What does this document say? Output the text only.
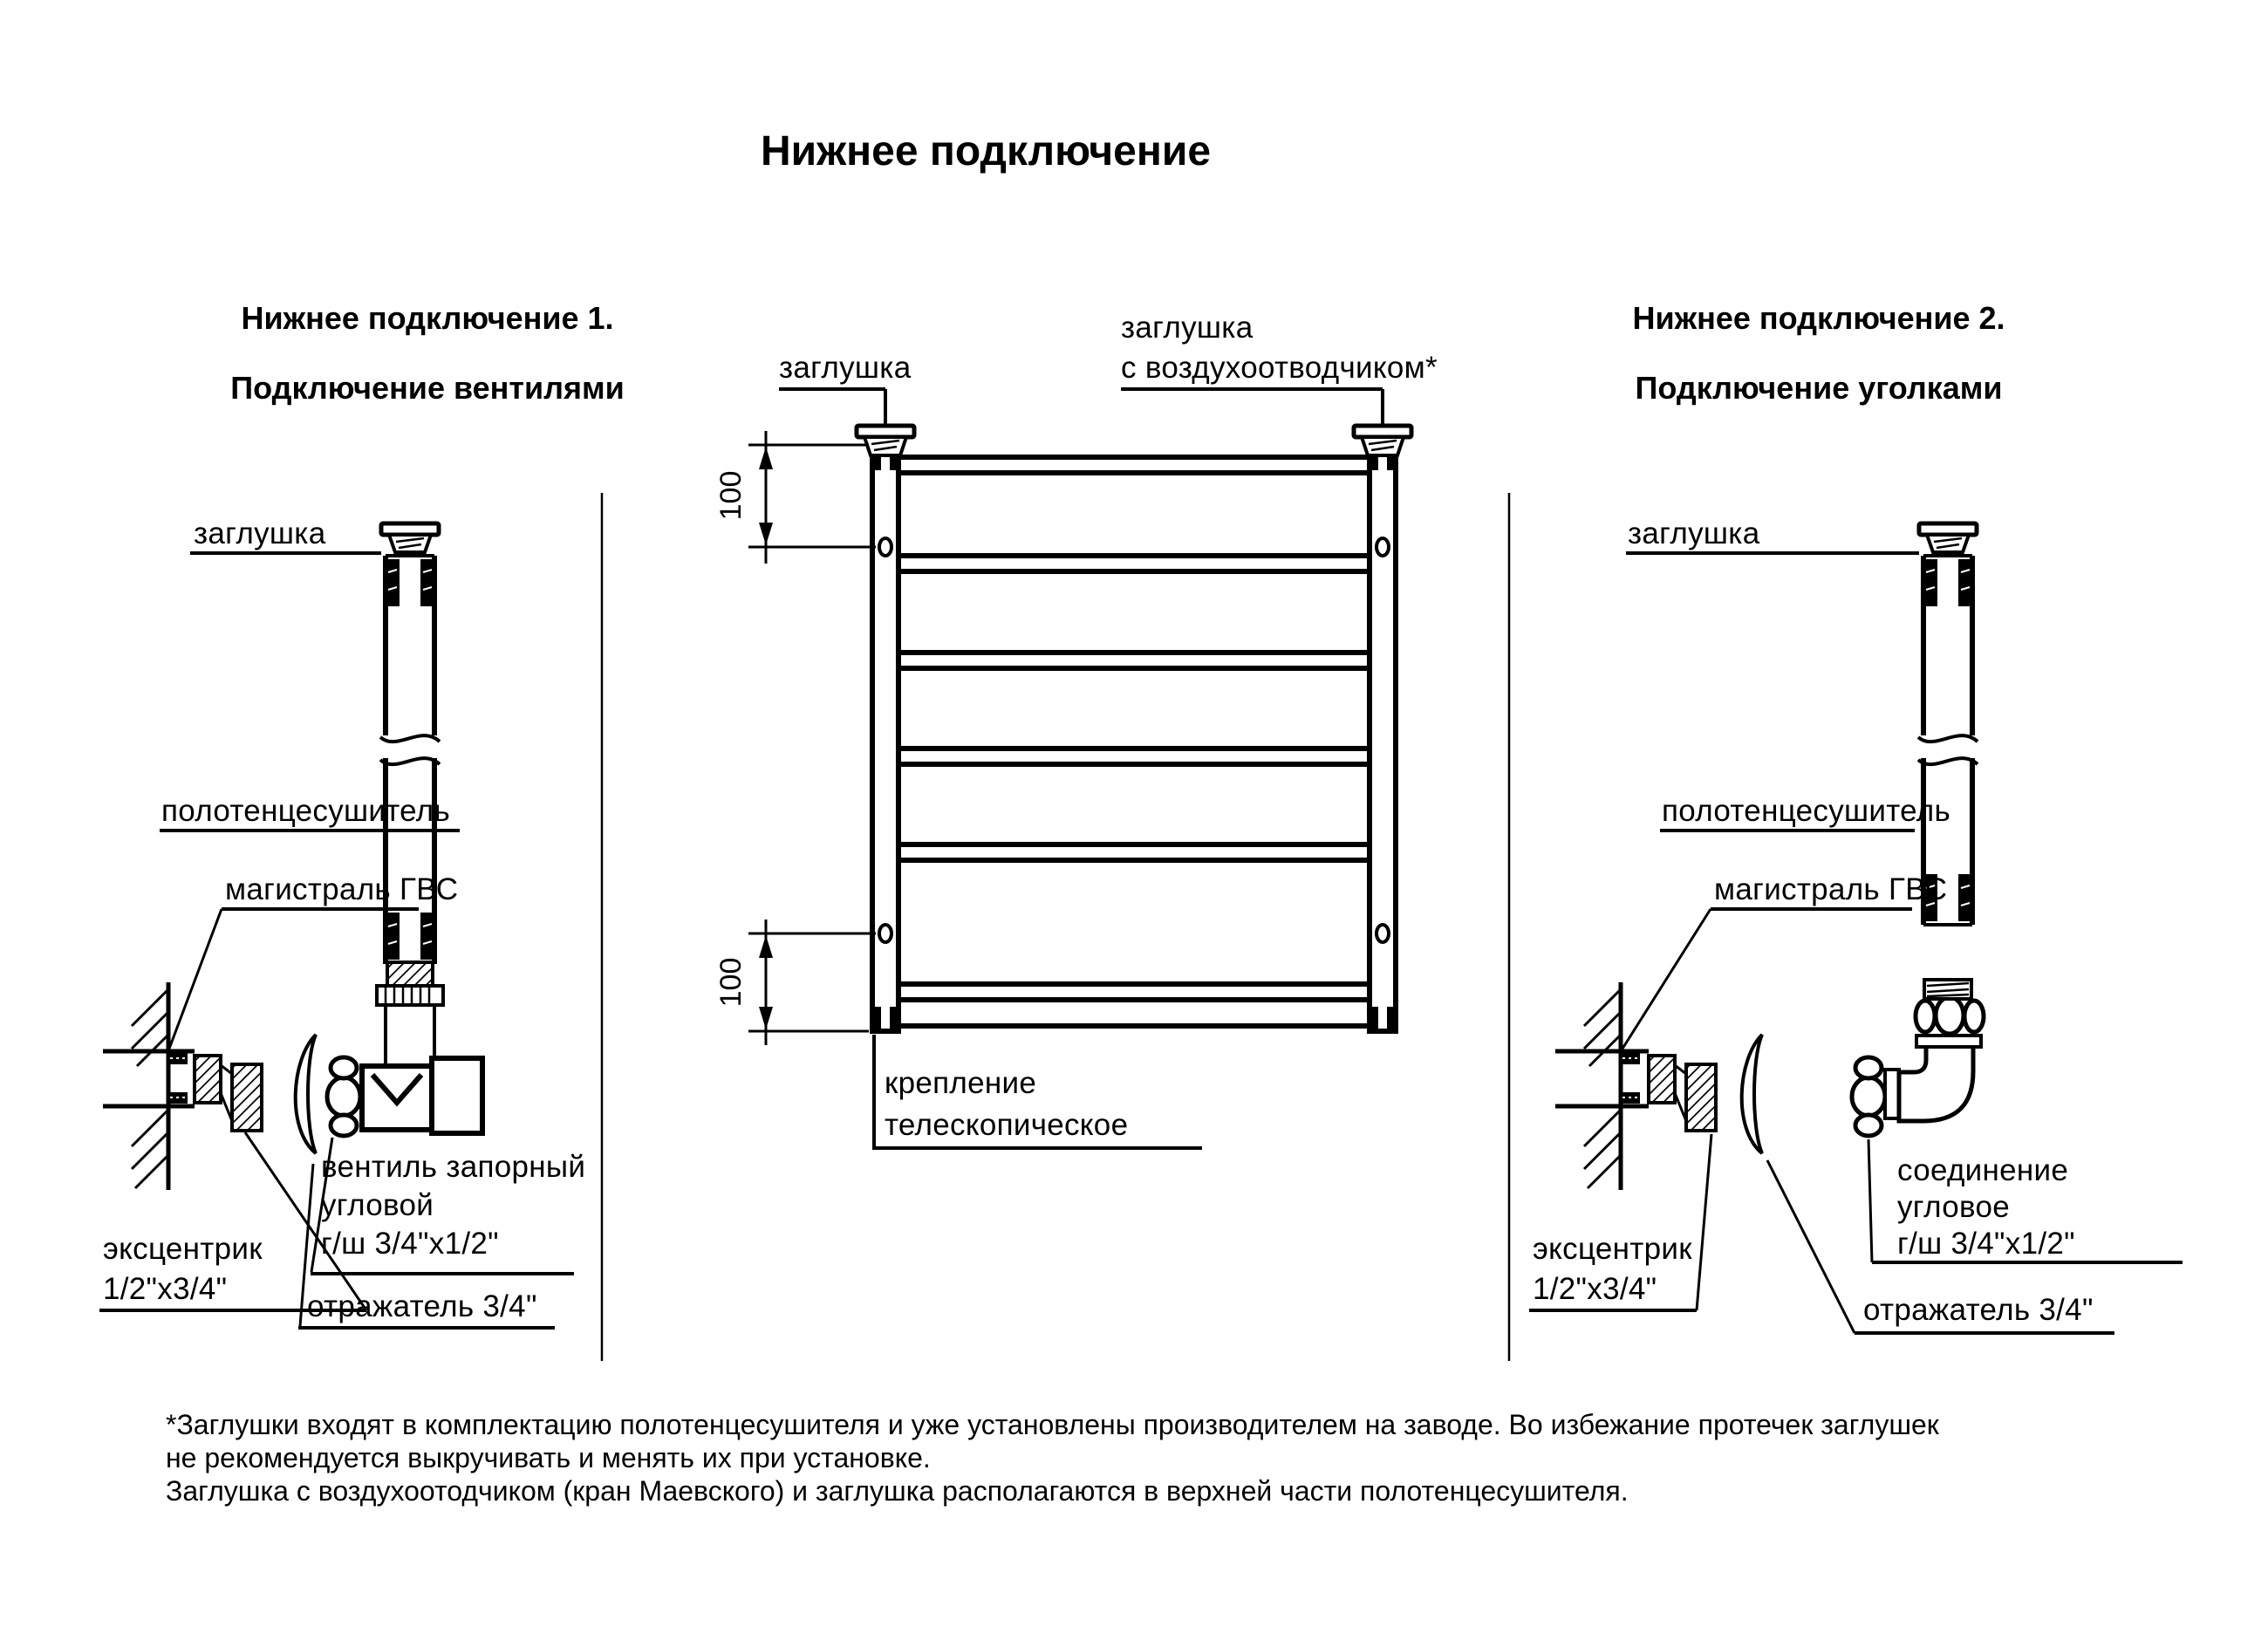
Нижнее подключение
Нижнее подключение 1.
Подключение вентилями
Нижнее подключение 2.
Подключение уголками
заглушка
заглушка
с воздухоотводчиком*
100
100
крепление
телескопическое
заглушка
полотенцесушитель
магистраль ГВС
эксцентрик
1/2"х3/4"
вентиль запорный
угловой
г/ш 3/4"х1/2"
отражатель 3/4"
заглушка
полотенцесушитель
магистраль ГВС
эксцентрик
1/2"х3/4"
соединение
угловое
г/ш 3/4"х1/2"
отражатель 3/4"
*Заглушки входят в комплектацию полотенцесушителя и уже установлены производителем на заводе. Во избежание протечек заглушек
не рекомендуется выкручивать и менять их при установке.
Заглушка с воздухоотодчиком (кран Маевского) и заглушка располагаются в верхней части полотенцесушителя.
